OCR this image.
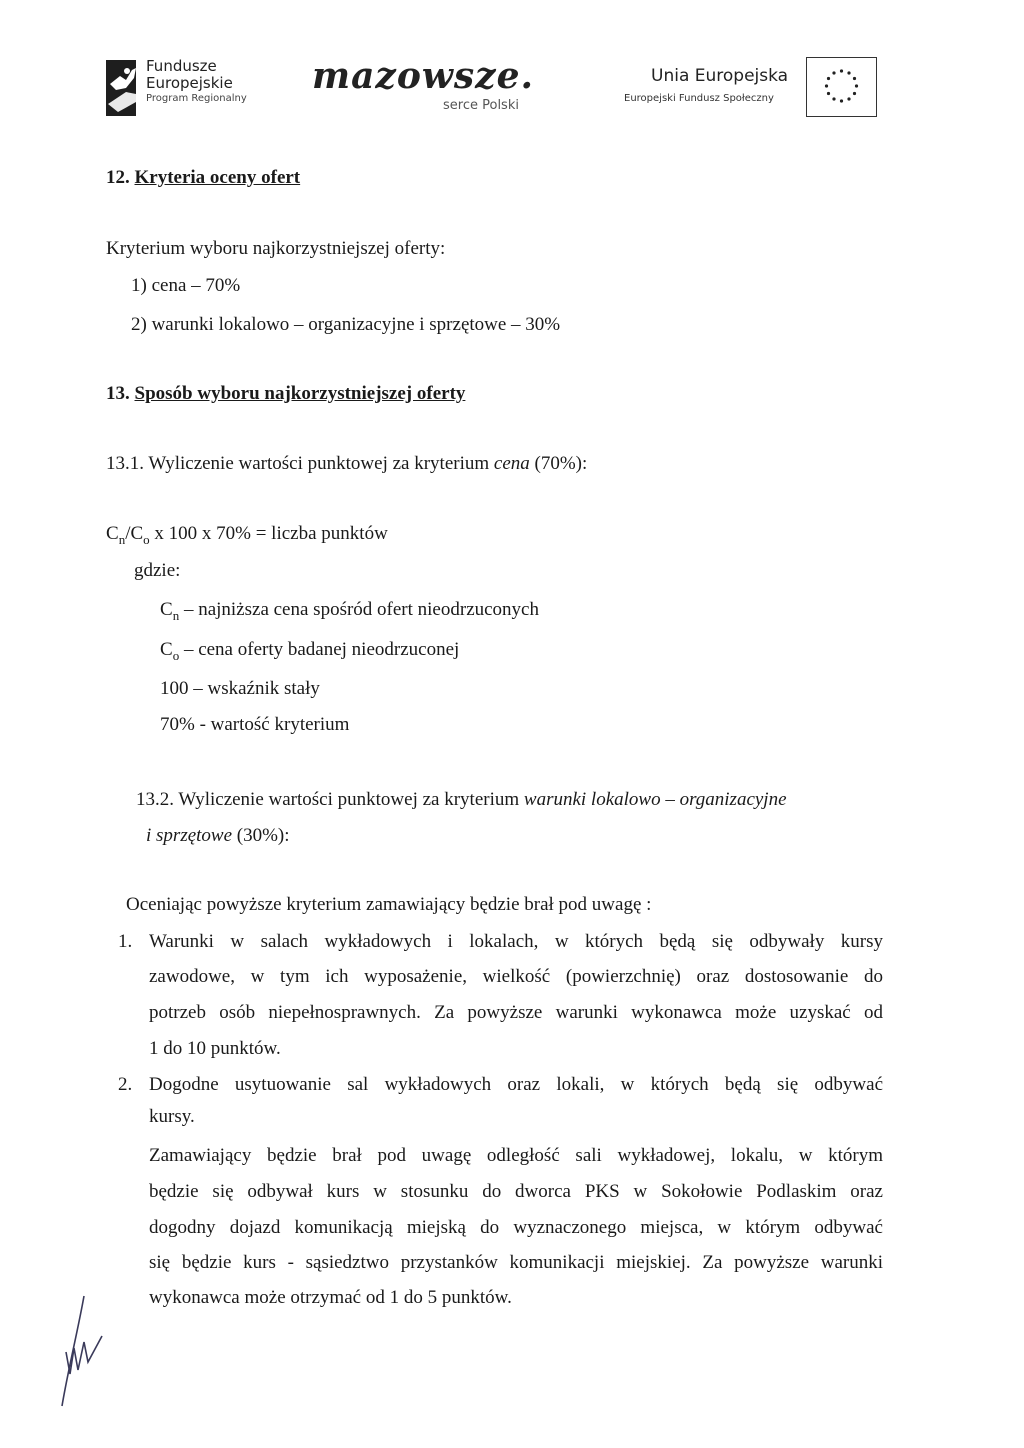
Fundusze
Europejskie
Program Regionalny
mazowsze.
serce Polski
Unia Europejska
Europejski Fundusz Społeczny
12. Kryteria oceny ofert
Kryterium wyboru najkorzystniejszej oferty:
1) cena – 70%
2) warunki lokalowo – organizacyjne i sprzętowe – 30%
13. Sposób wyboru najkorzystniejszej oferty
13.1. Wyliczenie wartości punktowej za kryterium cena (70%):
$C_n/C_o$ x 100 x 70% = liczba punktów
gdzie:
$C_n$ – najniższa cena spośród ofert nieodrzuconych
$C_o$ – cena oferty badanej nieodrzuconej
100 – wskaźnik stały
70% - wartość kryterium
13.2. Wyliczenie wartości punktowej za kryterium warunki lokalowo – organizacyjne
i sprzętowe (30%):
Oceniając powyższe kryterium zamawiający będzie brał pod uwagę :
1. Warunki w salach wykładowych i lokalach, w których będą się odbywały kursy
zawodowe, w tym ich wyposażenie, wielkość (powierzchnię) oraz dostosowanie do
potrzeb osób niepełnosprawnych. Za powyższe warunki wykonawca może uzyskać od
1 do 10 punktów.
2. Dogodne usytuowanie sal wykładowych oraz lokali, w których będą się odbywać
kursy.
Zamawiający będzie brał pod uwagę odległość sali wykładowej, lokalu, w którym
będzie się odbywał kurs w stosunku do dworca PKS w Sokołowie Podlaskim oraz
dogodny dojazd komunikacją miejską do wyznaczonego miejsca, w którym odbywać
się będzie kurs - sąsiedztwo przystanków komunikacji miejskiej. Za powyższe warunki
wykonawca może otrzymać od 1 do 5 punktów.
